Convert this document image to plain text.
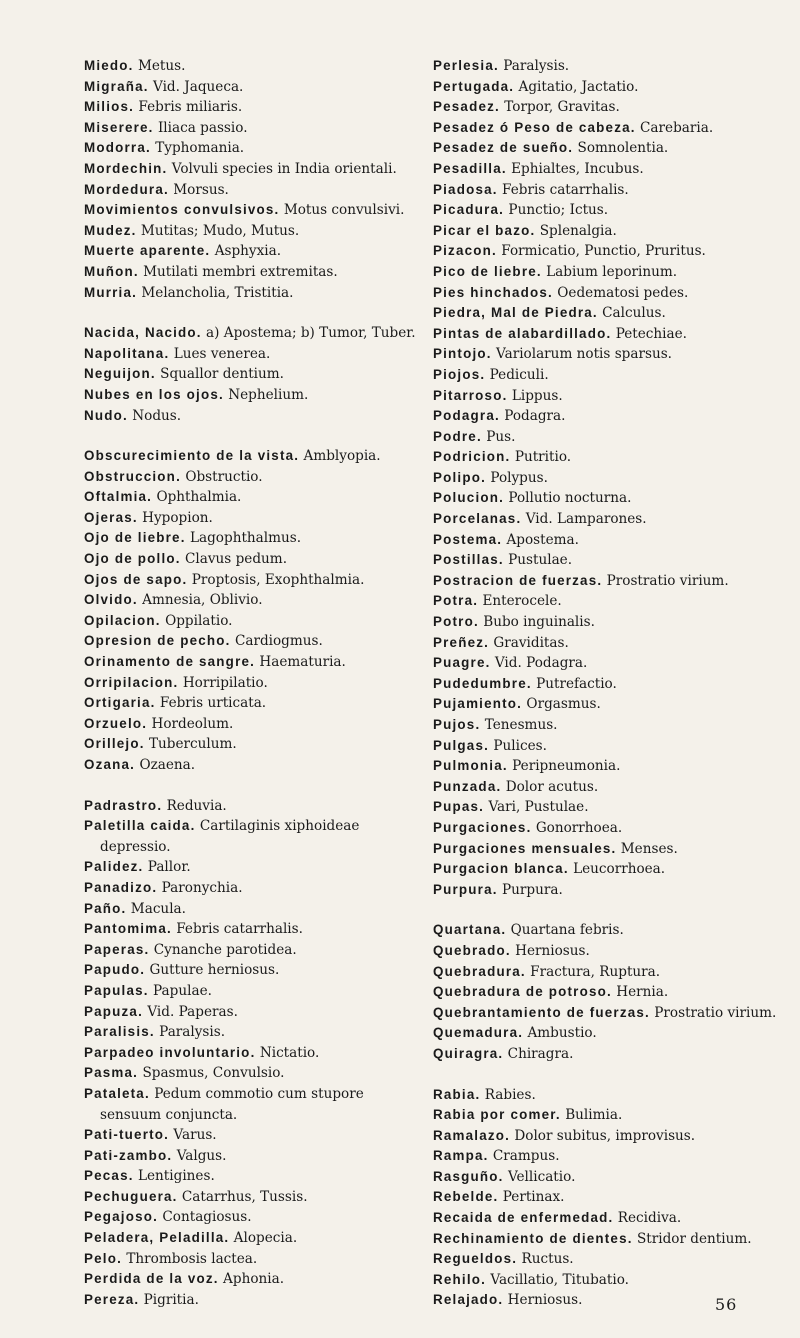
Miedo. Metus.
Migraña. Vid. Jaqueca.
Milios. Febris miliaris.
Miserere. Iliaca passio.
Modorra. Typhomania.
Mordechin. Volvuli species in India orientali.
Mordedura. Morsus.
Movimientos convulsivos. Motus convulsivi.
Mudez. Mutitas; Mudo, Mutus.
Muerte aparente. Asphyxia.
Muñon. Mutilati membri extremitas.
Murria. Melancholia, Tristitia.
Nacida, Nacido. a) Apostema; b) Tumor, Tuber.
Napolitana. Lues venerea.
Neguijon. Squallor dentium.
Nubes en los ojos. Nephelium.
Nudo. Nodus.
Obscurecimiento de la vista. Amblyopia.
Obstruccion. Obstructio.
Oftalmia. Ophthalmia.
Ojeras. Hypopion.
Ojo de liebre. Lagophthalmus.
Ojo de pollo. Clavus pedum.
Ojos de sapo. Proptosis, Exophthalmia.
Olvido. Amnesia, Oblivio.
Opilacion. Oppilatio.
Opresion de pecho. Cardiogmus.
Orinamento de sangre. Haematuria.
Orripilacion. Horripilatio.
Ortigaria. Febris urticata.
Orzuelo. Hordeolum.
Orillejo. Tuberculum.
Ozana. Ozaena.
Padrastro. Reduvia.
Paletilla caida. Cartilaginis xiphoideae depressio.
Palidez. Pallor.
Panadizo. Paronychia.
Paño. Macula.
Pantomima. Febris catarrhalis.
Paperas. Cynanche parotidea.
Papudo. Gutture herniosus.
Papulas. Papulae.
Papuza. Vid. Paperas.
Paralisis. Paralysis.
Parpadeo involuntario. Nictatio.
Pasma. Spasmus, Convulsio.
Pataleta. Pedum commotio cum stupore sensuum conjuncta.
Pati-tuerto. Varus.
Pati-zambo. Valgus.
Pecas. Lentigines.
Pechuguera. Catarrhus, Tussis.
Pegajoso. Contagiosus.
Peladera, Peladilla. Alopecia.
Pelo. Thrombosis lactea.
Perdida de la voz. Aphonia.
Pereza. Pigritia.
Perlesia. Paralysis.
Pertugada. Agitatio, Jactatio.
Pesadez. Torpor, Gravitas.
Pesadez ó Peso de cabeza. Carebaria.
Pesadez de sueño. Somnolentia.
Pesadilla. Ephialtes, Incubus.
Piadosa. Febris catarrhalis.
Picadura. Punctio; Ictus.
Picar el bazo. Splenalgia.
Pizacon. Formicatio, Punctio, Pruritus.
Pico de liebre. Labium leporinum.
Pies hinchados. Oedematosi pedes.
Piedra, Mal de Piedra. Calculus.
Pintas de alabardillado. Petechiae.
Pintojo. Variolarum notis sparsus.
Piojos. Pediculi.
Pitarroso. Lippus.
Podagra. Podagra.
Podre. Pus.
Podricion. Putritio.
Polipo. Polypus.
Polucion. Pollutio nocturna.
Porcelanas. Vid. Lamparones.
Postema. Apostema.
Postillas. Pustulae.
Postracion de fuerzas. Prostratio virium.
Potra. Enterocele.
Potro. Bubo inguinalis.
Preñez. Graviditas.
Puagre. Vid. Podagra.
Pudedumbre. Putrefactio.
Pujamiento. Orgasmus.
Pujos. Tenesmus.
Pulgas. Pulices.
Pulmonia. Peripneumonia.
Punzada. Dolor acutus.
Pupas. Vari, Pustulae.
Purgaciones. Gonorrhoea.
Purgaciones mensuales. Menses.
Purgacion blanca. Leucorrhoea.
Purpura. Purpura.
Quartana. Quartana febris.
Quebrado. Herniosus.
Quebradura. Fractura, Ruptura.
Quebradura de potroso. Hernia.
Quebrantamiento de fuerzas. Prostratio virium.
Quemadura. Ambustio.
Quiragra. Chiragra.
Rabia. Rabies.
Rabia por comer. Bulimia.
Ramalazo. Dolor subitus, improvisus.
Rampa. Crampus.
Rasguño. Vellicatio.
Rebelde. Pertinax.
Recaida de enfermedad. Recidiva.
Rechinamiento de dientes. Stridor dentium.
Regueldos. Ructus.
Rehilo. Vacillatio, Titubatio.
Relajado. Herniosus.	56
